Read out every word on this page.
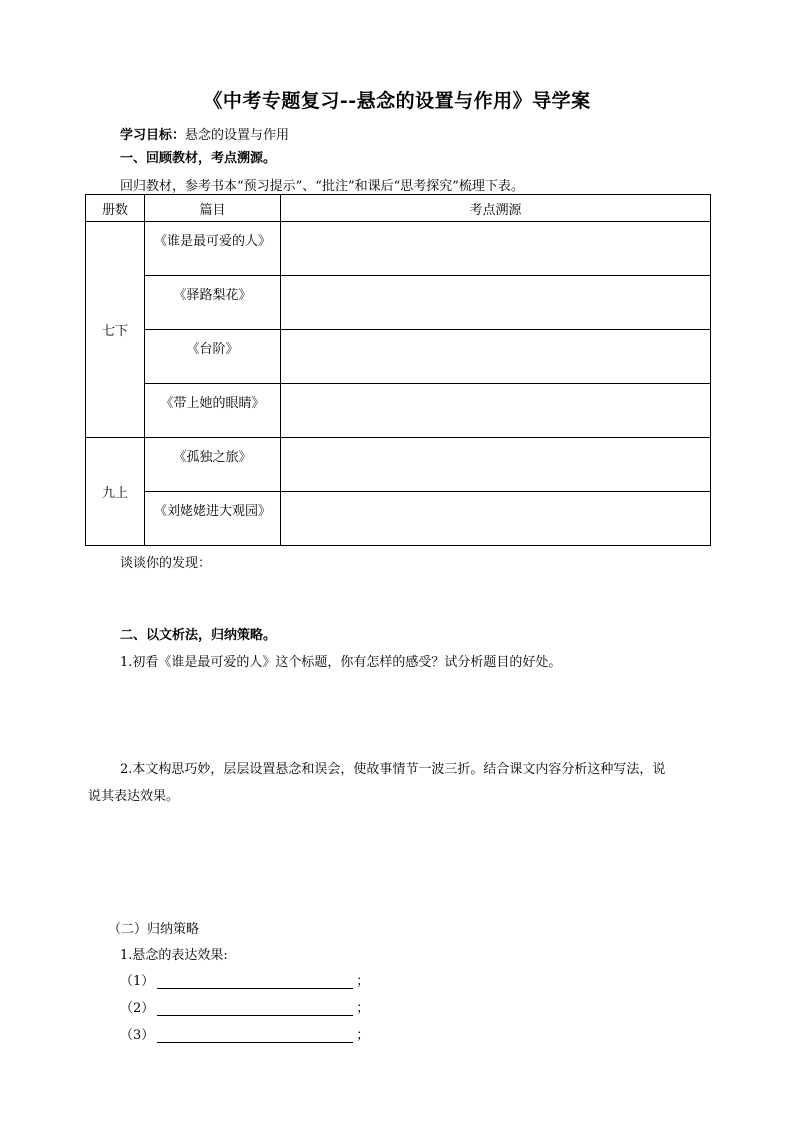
《中考专题复习--悬念的设置与作用》导学案
学习目标：悬念的设置与作用
一、回顾教材，考点溯源。
回归教材，参考书本“预习提示”、“批注”和课后“思考探究”梳理下表。
册数	篇目	考点溯源
七下	《谁是最可爱的人》	
	《驿路梨花》	
	《台阶》	
	《带上她的眼睛》	
九上	《孤独之旅》	
	《刘姥姥进大观园》	
谈谈你的发现：
二、以文析法，归纳策略。
1.初看《谁是最可爱的人》这个标题，你有怎样的感受？试分析题目的好处。
2.本文构思巧妙，层层设置悬念和误会，使故事情节一波三折。结合课文内容分析这种写法，说
说其表达效果。
（二）归纳策略
1.悬念的表达效果:
（1）	；
（2）	；
（3）	；
